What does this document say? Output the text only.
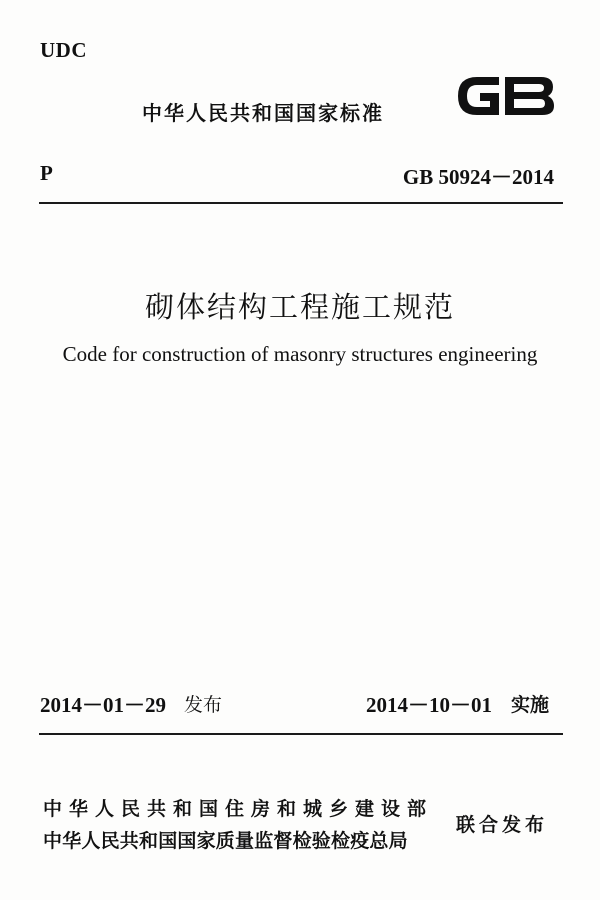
UDC
中华人民共和国国家标准
P	GB 50924－2014
砌体结构工程施工规范
Code for construction of masonry structures engineering
2014－01－29 发布	2014－10－01 实施
中华人民共和国住房和城乡建设部
中华人民共和国国家质量监督检验检疫总局
联合发布
